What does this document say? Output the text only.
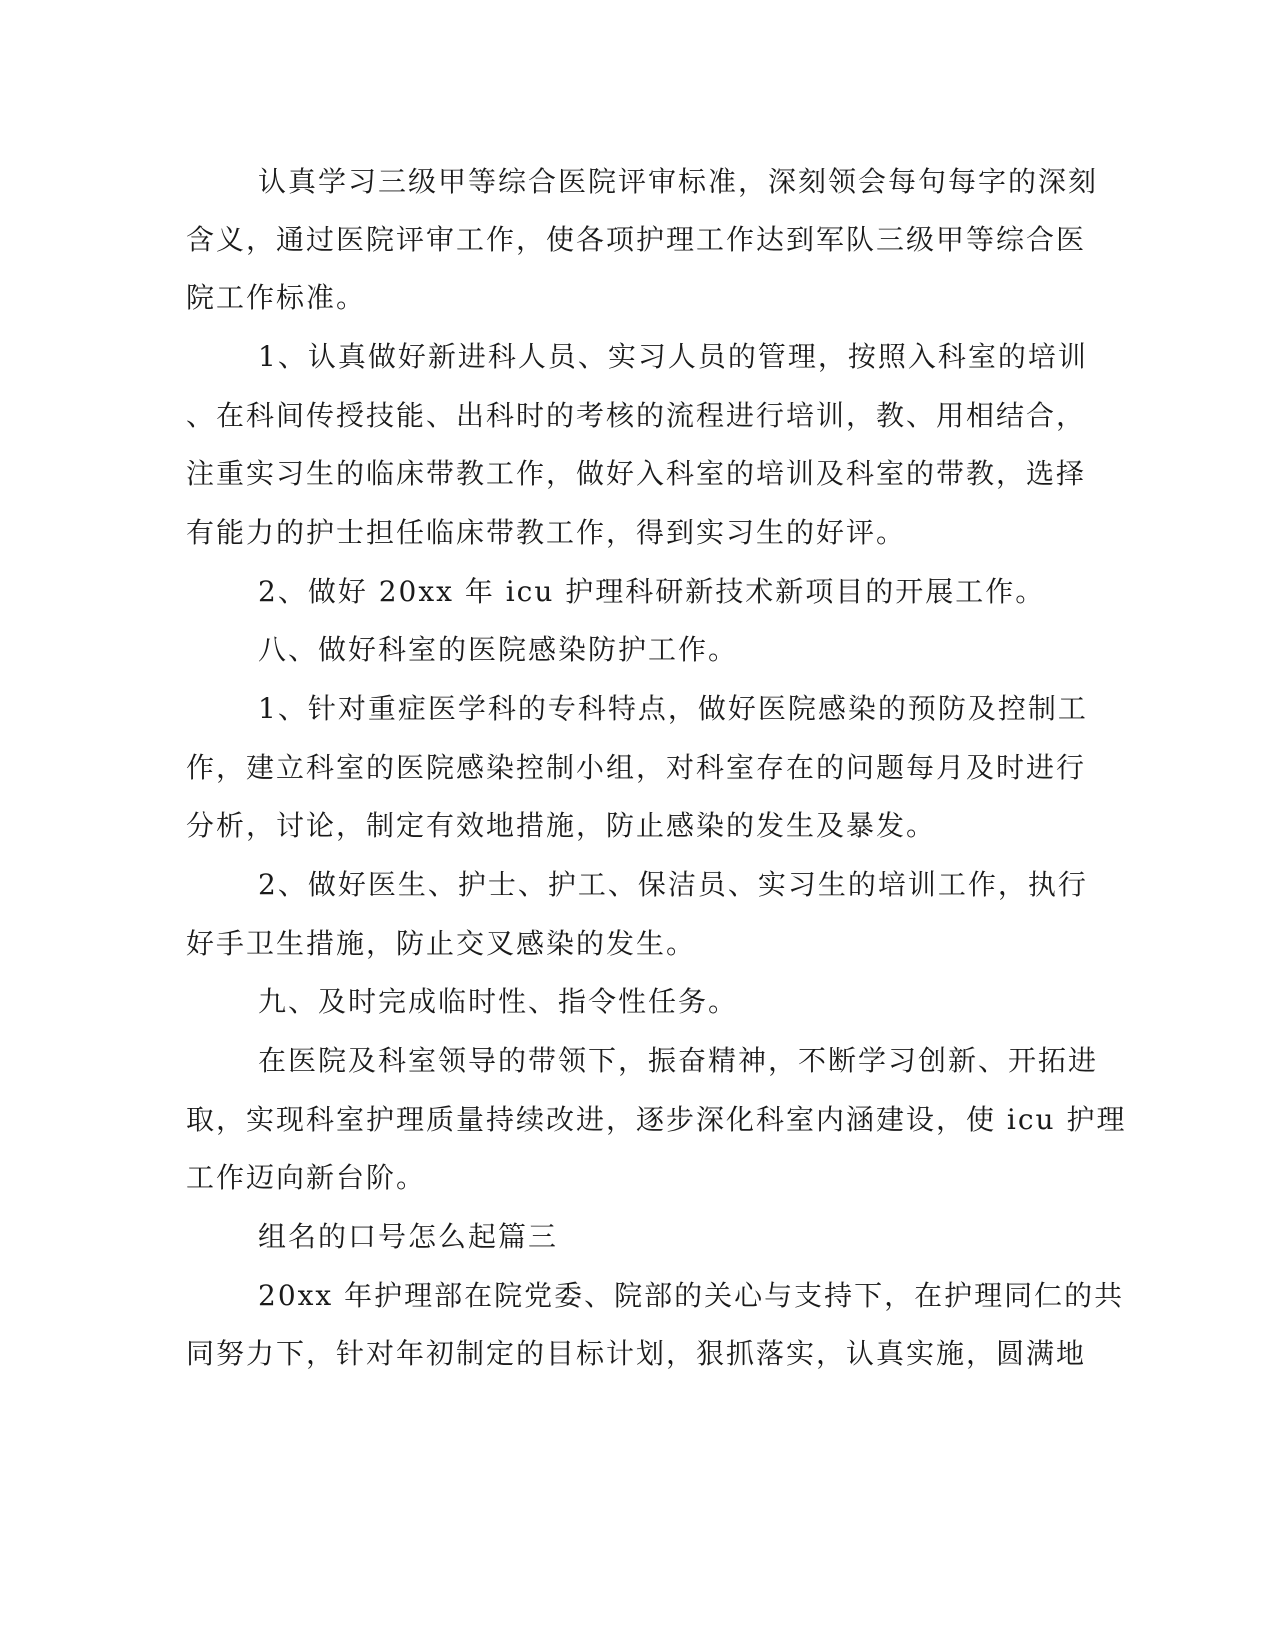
认真学习三级甲等综合医院评审标准，深刻领会每句每字的深刻
含义，通过医院评审工作，使各项护理工作达到军队三级甲等综合医
院工作标准。
1、认真做好新进科人员、实习人员的管理，按照入科室的培训
、在科间传授技能、出科时的考核的流程进行培训，教、用相结合，
注重实习生的临床带教工作，做好入科室的培训及科室的带教，选择
有能力的护士担任临床带教工作，得到实习生的好评。
2、做好 20xx 年 icu 护理科研新技术新项目的开展工作。
八、做好科室的医院感染防护工作。
1、针对重症医学科的专科特点，做好医院感染的预防及控制工
作，建立科室的医院感染控制小组，对科室存在的问题每月及时进行
分析，讨论，制定有效地措施，防止感染的发生及暴发。
2、做好医生、护士、护工、保洁员、实习生的培训工作，执行
好手卫生措施，防止交叉感染的发生。
九、及时完成临时性、指令性任务。
在医院及科室领导的带领下，振奋精神，不断学习创新、开拓进
取，实现科室护理质量持续改进，逐步深化科室内涵建设，使 icu 护理
工作迈向新台阶。
组名的口号怎么起篇三
20xx 年护理部在院党委、院部的关心与支持下，在护理同仁的共
同努力下，针对年初制定的目标计划，狠抓落实，认真实施，圆满地
